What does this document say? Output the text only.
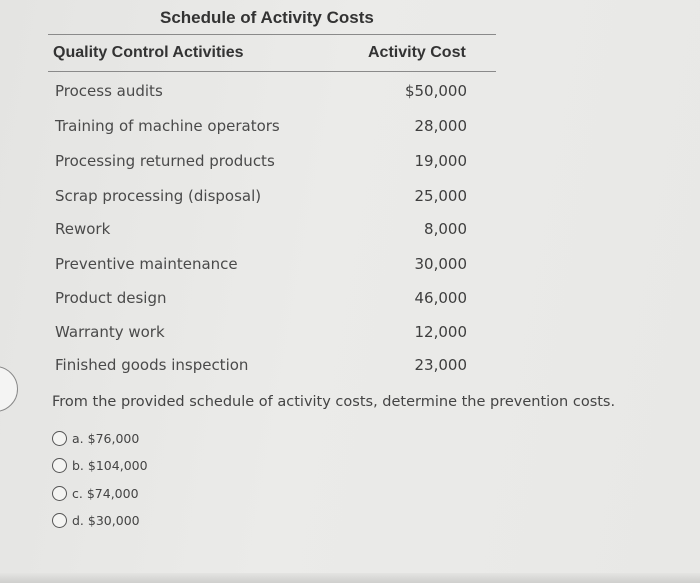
Schedule of Activity Costs
Quality Control Activities	Activity Cost
Process audits	$50,000
Training of machine operators	28,000
Processing returned products	19,000
Scrap processing (disposal)	25,000
Rework	8,000
Preventive maintenance	30,000
Product design	46,000
Warranty work	12,000
Finished goods inspection	23,000
From the provided schedule of activity costs, determine the prevention costs.
a. $76,000
b. $104,000
c. $74,000
d. $30,000
